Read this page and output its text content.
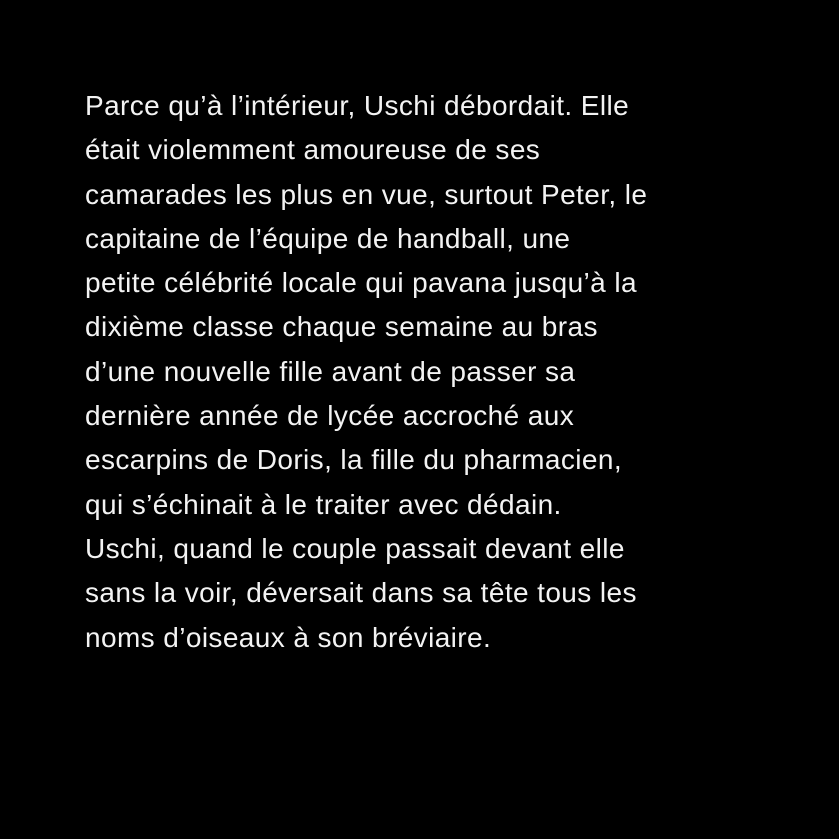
Parce qu’à l’intérieur, Uschi débordait. Elle
était violemment amoureuse de ses
camarades les plus en vue, surtout Peter, le
capitaine de l’équipe de handball, une
petite célébrité locale qui pavana jusqu’à la
dixième classe chaque semaine au bras
d’une nouvelle fille avant de passer sa
dernière année de lycée accroché aux
escarpins de Doris, la fille du pharmacien,
qui s’échinait à le traiter avec dédain.
Uschi, quand le couple passait devant elle
sans la voir, déversait dans sa tête tous les
noms d’oiseaux à son bréviaire.
